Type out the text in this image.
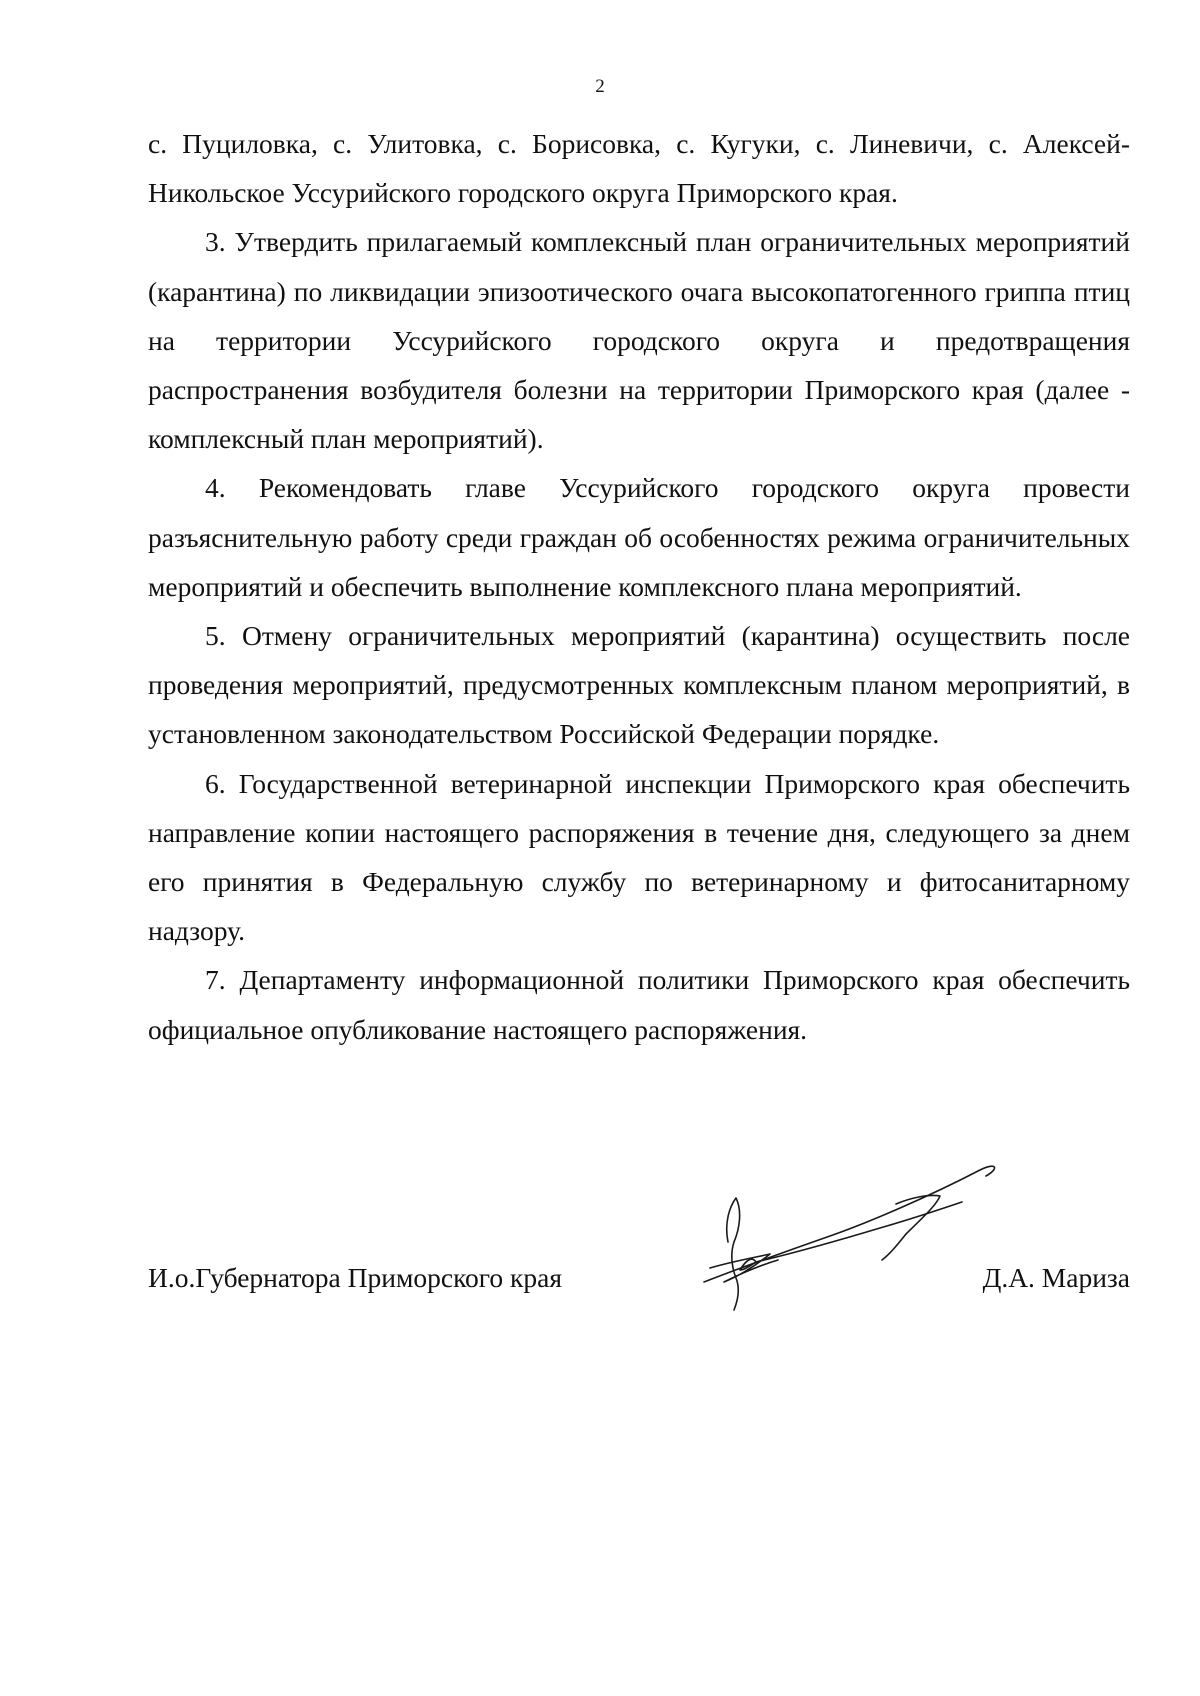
2

с. Пуциловка, с. Улитовка, с. Борисовка, с. Кугуки, с. Линевичи, с. Алексей-Никольское Уссурийского городского округа Приморского края.

3. Утвердить прилагаемый комплексный план ограничительных мероприятий (карантина) по ликвидации эпизоотического очага высокопатогенного гриппа птиц на территории Уссурийского городского округа и предотвращения распространения возбудителя болезни на территории Приморского края (далее - комплексный план мероприятий).

4. Рекомендовать главе Уссурийского городского округа провести разъяснительную работу среди граждан об особенностях режима ограничительных мероприятий и обеспечить выполнение комплексного плана мероприятий.

5. Отмену ограничительных мероприятий (карантина) осуществить после проведения мероприятий, предусмотренных комплексным планом мероприятий, в установленном законодательством Российской Федерации порядке.

6. Государственной ветеринарной инспекции Приморского края обеспечить направление копии настоящего распоряжения в течение дня, следующего за днем его принятия в Федеральную службу по ветеринарному и фитосанитарному надзору.

7. Департаменту информационной политики Приморского края обеспечить официальное опубликование настоящего распоряжения.

И.о.Губернатора Приморского края	Д.А. Мариза
